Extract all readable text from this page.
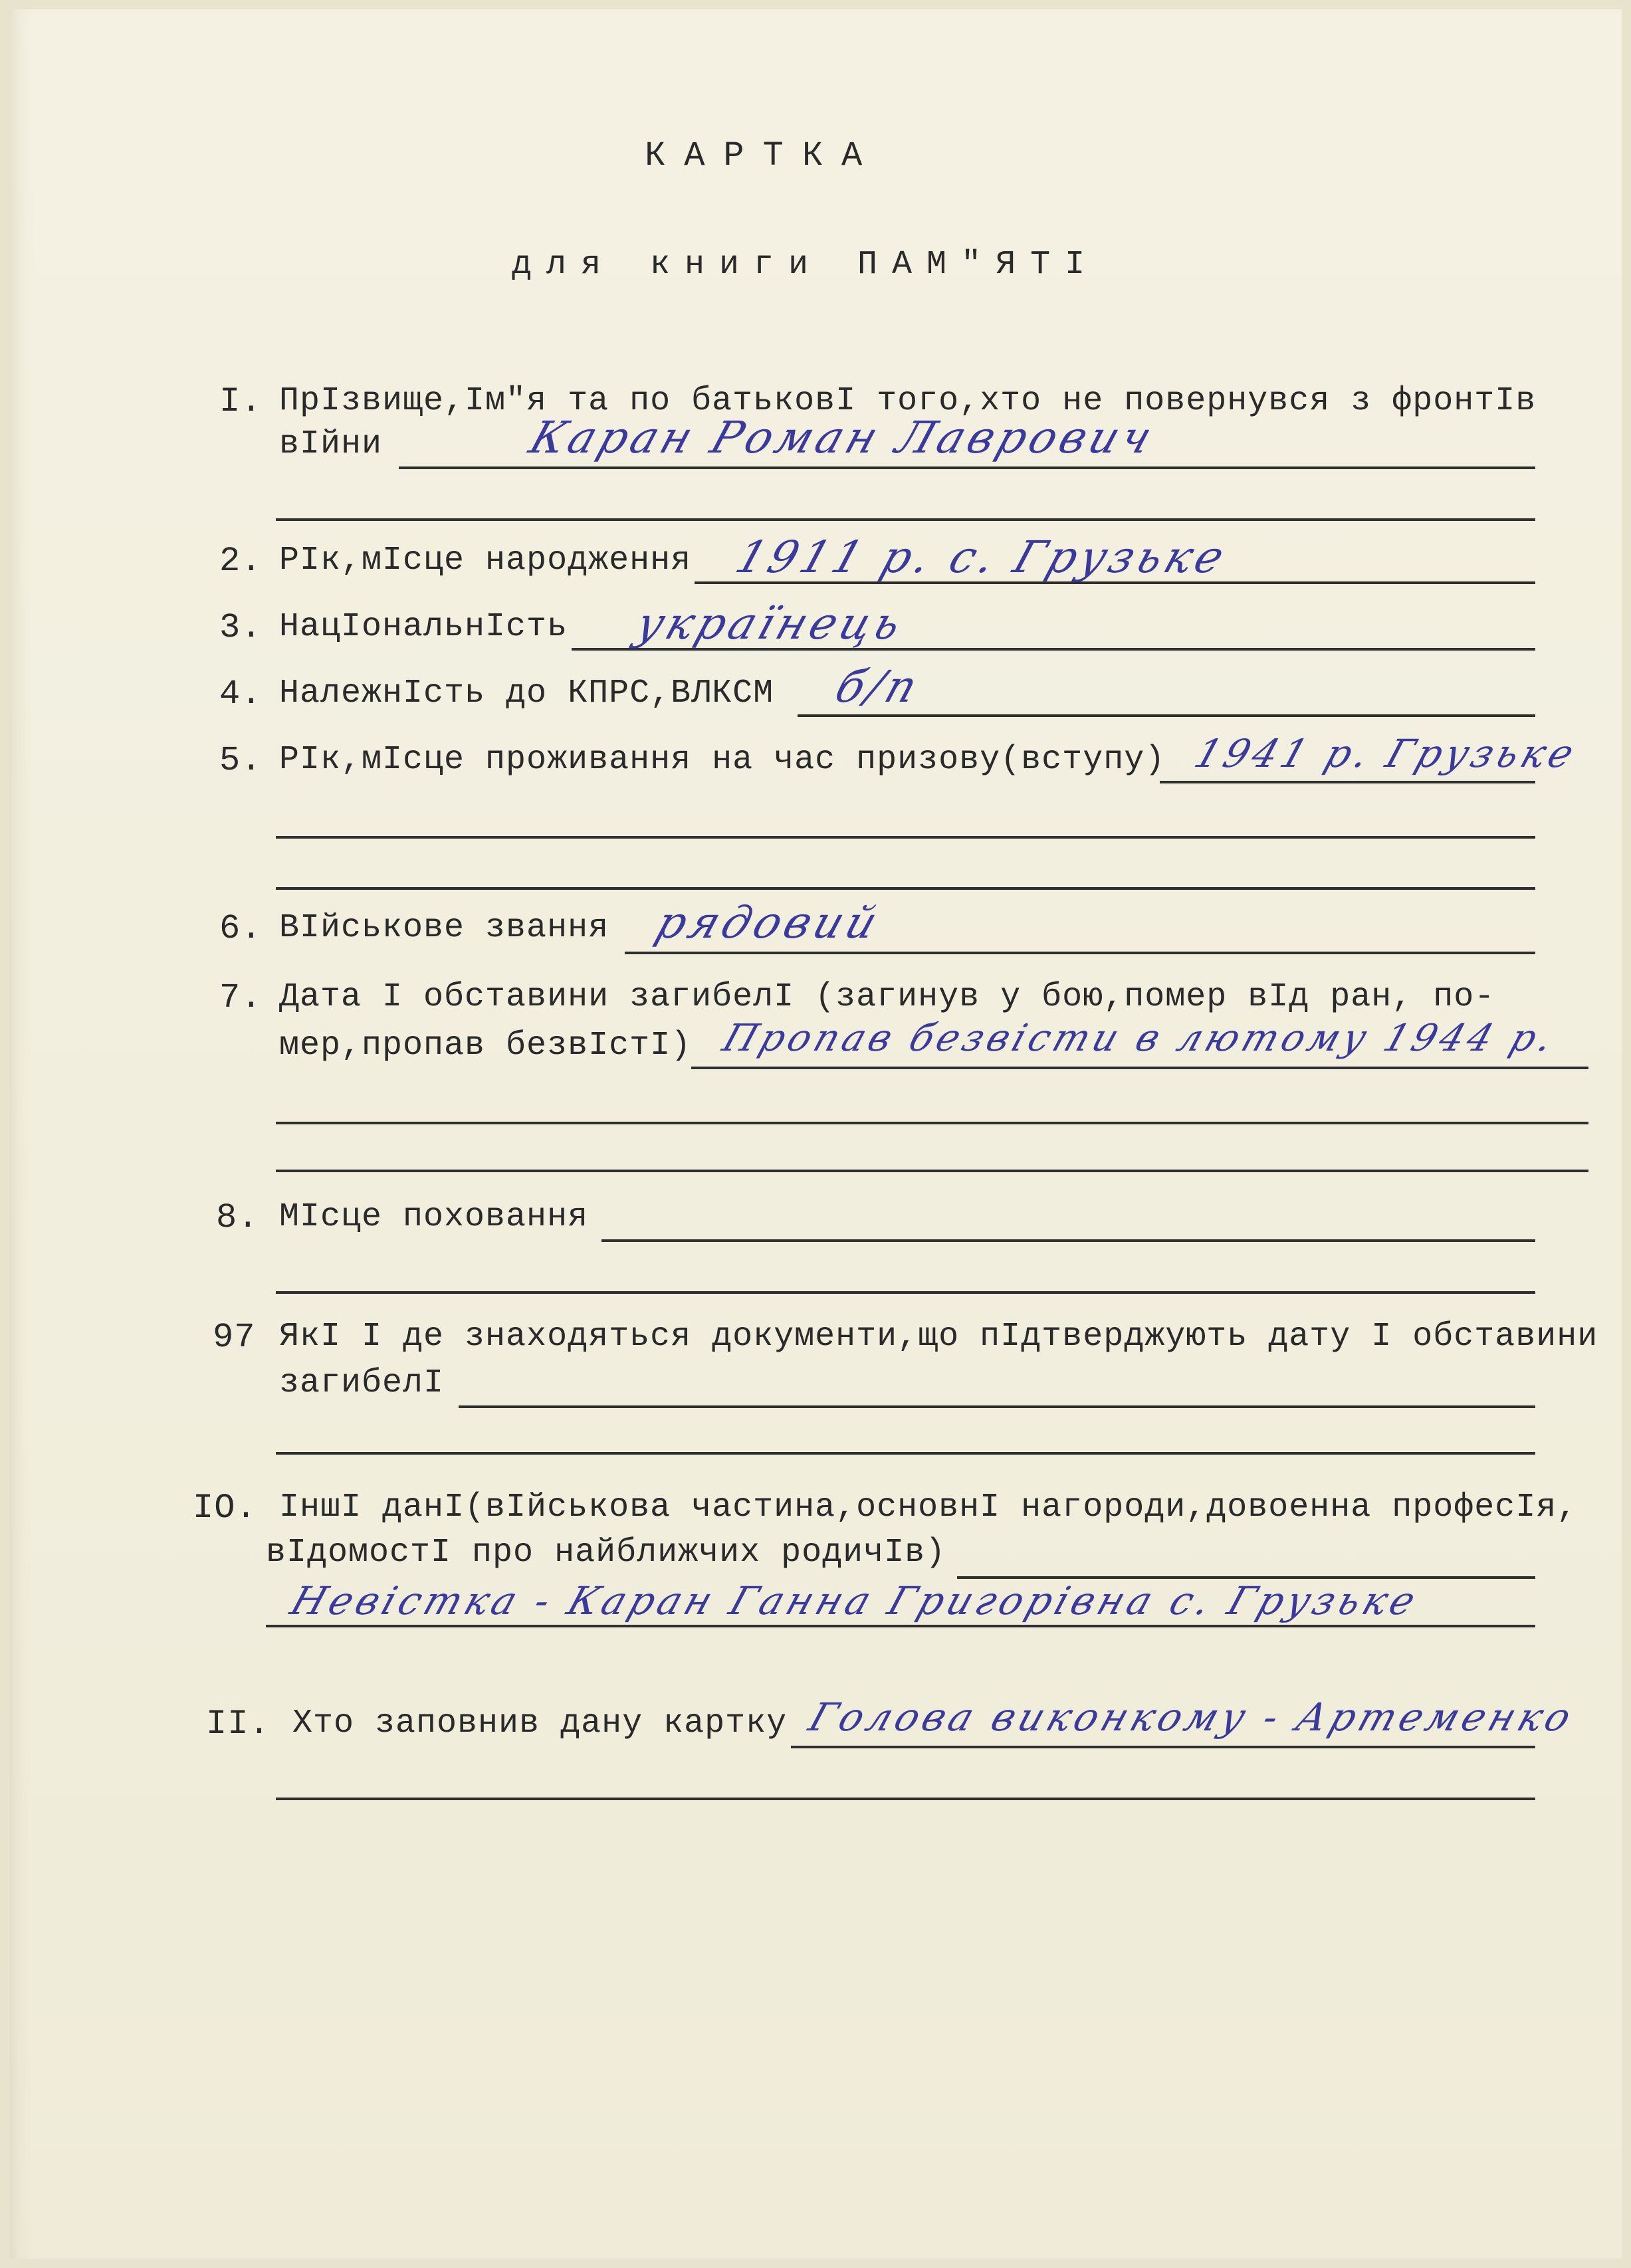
КАРТКА
для книги ПАМ"ЯТІ
I. ПрІзвище,Ім"я та по батьковІ того,хто не повернувся з фронтІв
вІйни	Каран Роман Лаврович
2. РІк,мІсце народження 1911 р. с. Грузьке
3. НацІональнІсть українець
4. НалежнІсть до КПРС,ВЛКСМ б/п
5. РІк,мІсце проживання на час призову(вступу) 1941 р. Грузьке
6. ВІйськове звання рядовий
7. Дата І обставини загибелІ (загинув у бою,помер вІд ран, по-
мер,пропав безвІстІ) Пропав безвісти в лютому 1944 р.
8. МІсце поховання
97 ЯкІ І де знаходяться документи,що пІдтверджують дату І обставини
загибелІ
IO. ІншІ данІ(вІйськова частина,основнІ нагороди,довоенна професІя,
вІдомостІ про найближчих родичІв)
Невістка - Каран Ганна Григорівна с. Грузьке
II. Хто заповнив дану картку Голова виконкому - Артеменко
